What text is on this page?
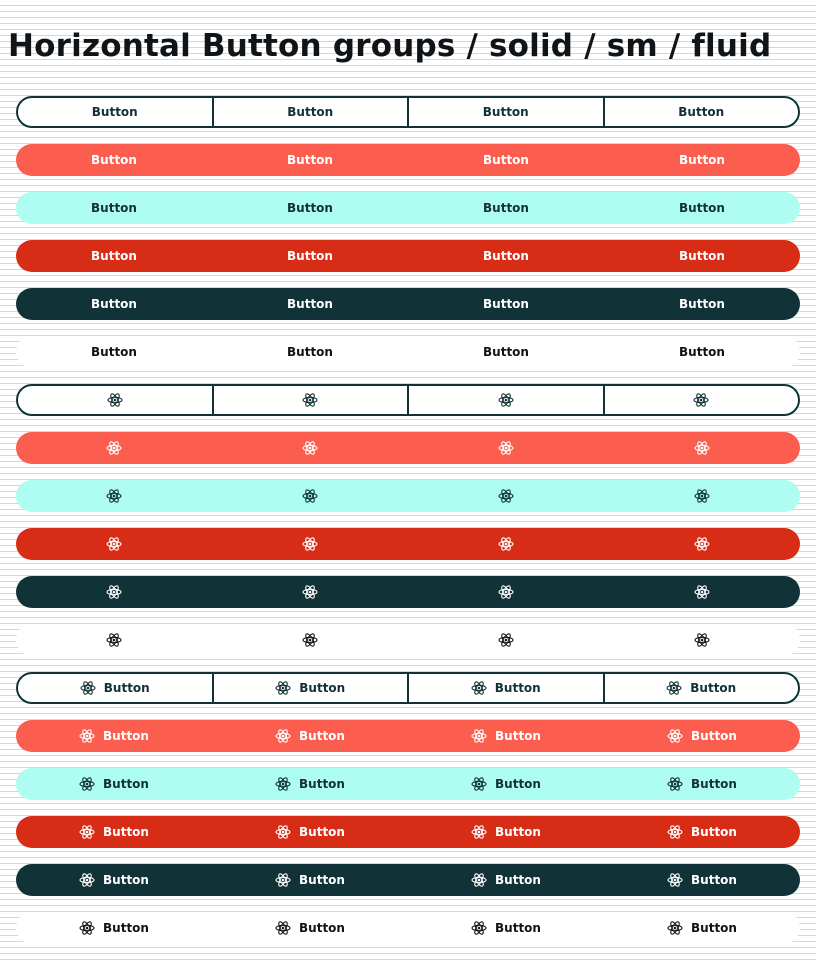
Horizontal Button groups / solid / sm / fluid
Button	Button	Button	Button
Button	Button	Button	Button
Button	Button	Button	Button
Button	Button	Button	Button
Button	Button	Button	Button
Button	Button	Button	Button
Button	Button	Button	Button
Button	Button	Button	Button
Button	Button	Button	Button
Button	Button	Button	Button
Button	Button	Button	Button
Button	Button	Button	Button
